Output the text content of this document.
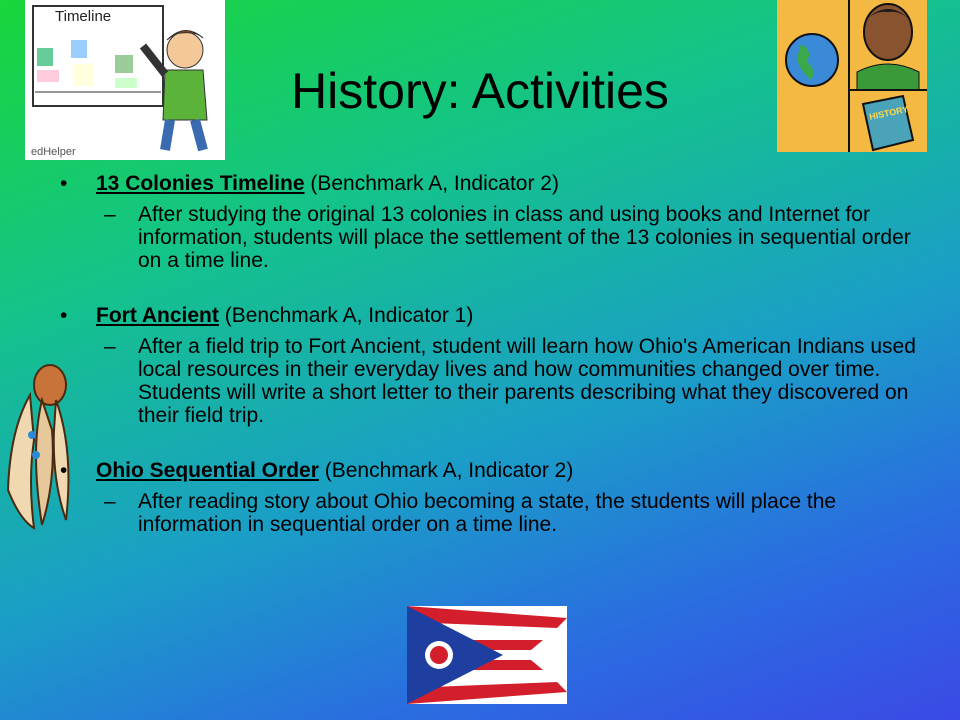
Timeline
edHelper
HISTORY
History: Activities
• 13 Colonies Timeline (Benchmark A, Indicator 2)
– After studying the original 13 colonies in class and using books and Internet for information, students will place the settlement of the 13 colonies in sequential order on a time line.
• Fort Ancient (Benchmark A, Indicator 1)
– After a field trip to Fort Ancient, student will learn how Ohio's American Indians used local resources in their everyday lives and how communities changed over time. Students will write a short letter to their parents describing what they discovered on their field trip.
• Ohio Sequential Order (Benchmark A, Indicator 2)
– After reading story about Ohio becoming a state, the students will place the information in sequential order on a time line.
